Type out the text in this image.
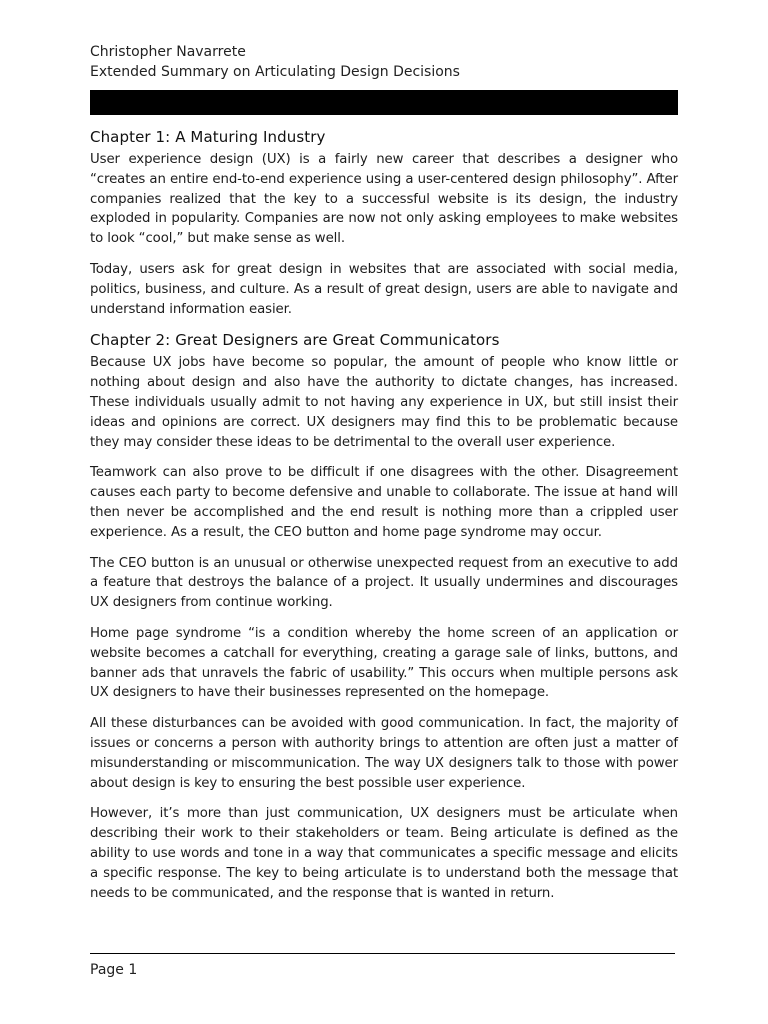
Christopher Navarrete
Extended Summary on Articulating Design Decisions
Chapter 1: A Maturing Industry

User experience design (UX) is a fairly new career that describes a designer who “creates an entire end-to-end experience using a user-centered design philosophy”. After companies realized that the key to a successful website is its design, the industry exploded in popularity. Companies are now not only asking employees to make websites to look “cool,” but make sense as well.

Today, users ask for great design in websites that are associated with social media, politics, business, and culture. As a result of great design, users are able to navigate and understand information easier.

Chapter 2: Great Designers are Great Communicators

Because UX jobs have become so popular, the amount of people who know little or nothing about design and also have the authority to dictate changes, has increased. These individuals usually admit to not having any experience in UX, but still insist their ideas and opinions are correct. UX designers may find this to be problematic because they may consider these ideas to be detrimental to the overall user experience.

Teamwork can also prove to be difficult if one disagrees with the other. Disagreement causes each party to become defensive and unable to collaborate. The issue at hand will then never be accomplished and the end result is nothing more than a crippled user experience. As a result, the CEO button and home page syndrome may occur.

The CEO button is an unusual or otherwise unexpected request from an executive to add a feature that destroys the balance of a project. It usually undermines and discourages UX designers from continue working.

Home page syndrome “is a condition whereby the home screen of an application or website becomes a catchall for everything, creating a garage sale of links, buttons, and banner ads that unravels the fabric of usability.” This occurs when multiple persons ask UX designers to have their businesses represented on the homepage.

All these disturbances can be avoided with good communication. In fact, the majority of issues or concerns a person with authority brings to attention are often just a matter of misunderstanding or miscommunication. The way UX designers talk to those with power about design is key to ensuring the best possible user experience.

However, it’s more than just communication, UX designers must be articulate when describing their work to their stakeholders or team. Being articulate is defined as the ability to use words and tone in a way that communicates a specific message and elicits a specific response. The key to being articulate is to understand both the message that needs to be communicated, and the response that is wanted in return.

Page 1
